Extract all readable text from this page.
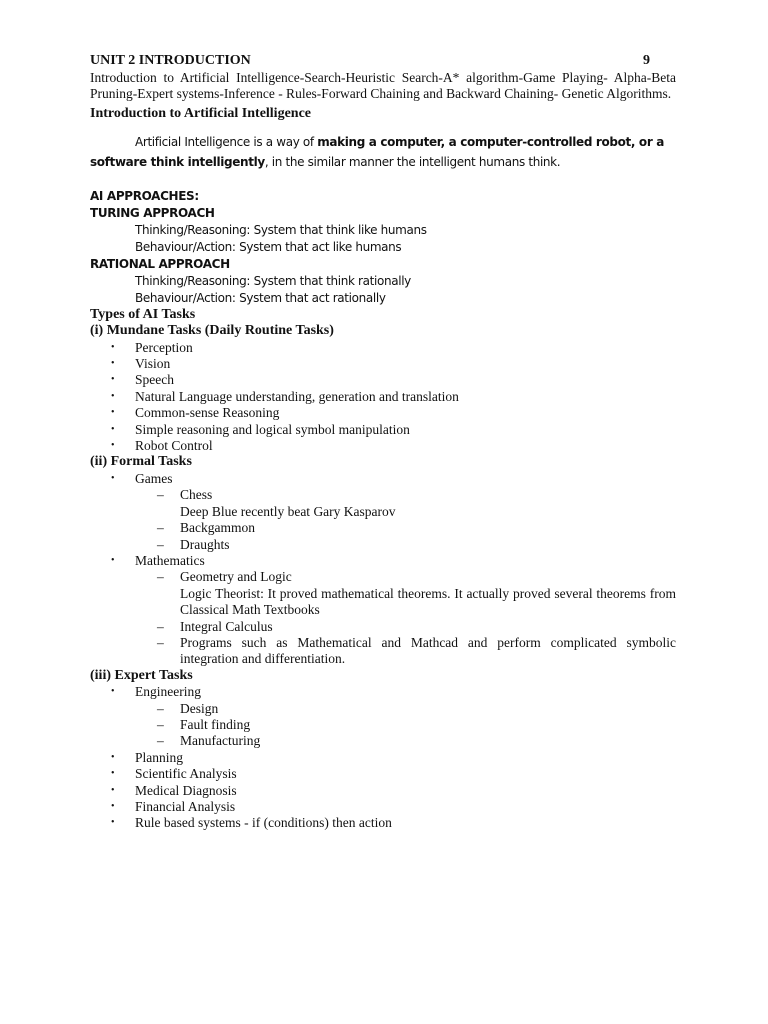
UNIT 2 INTRODUCTION	9

Introduction to Artificial Intelligence-Search-Heuristic Search-A* algorithm-Game Playing- Alpha-Beta Pruning-Expert systems-Inference - Rules-Forward Chaining and Backward Chaining- Genetic Algorithms.

Introduction to Artificial Intelligence
Artificial Intelligence is a way of making a computer, a computer-controlled robot, or a software think intelligently, in the similar manner the intelligent humans think.
AI APPROACHES:
TURING APPROACH
Thinking/Reasoning: System that think like humans
Behaviour/Action: System that act like humans
RATIONAL APPROACH
Thinking/Reasoning: System that think rationally
Behaviour/Action: System that act rationally
Types of AI Tasks
(i) Mundane Tasks (Daily Routine Tasks)
• Perception
• Vision
• Speech
• Natural Language understanding, generation and translation
• Common-sense Reasoning
• Simple reasoning and logical symbol manipulation
• Robot Control
(ii) Formal Tasks
• Games
– Chess
Deep Blue recently beat Gary Kasparov
– Backgammon
– Draughts
• Mathematics
– Geometry and Logic
Logic Theorist: It proved mathematical theorems. It actually proved several theorems from Classical Math Textbooks
– Integral Calculus
– Programs such as Mathematical and Mathcad and perform complicated symbolic integration and differentiation.
(iii) Expert Tasks
• Engineering
– Design
– Fault finding
– Manufacturing
• Planning
• Scientific Analysis
• Medical Diagnosis
• Financial Analysis
• Rule based systems - if (conditions) then action
